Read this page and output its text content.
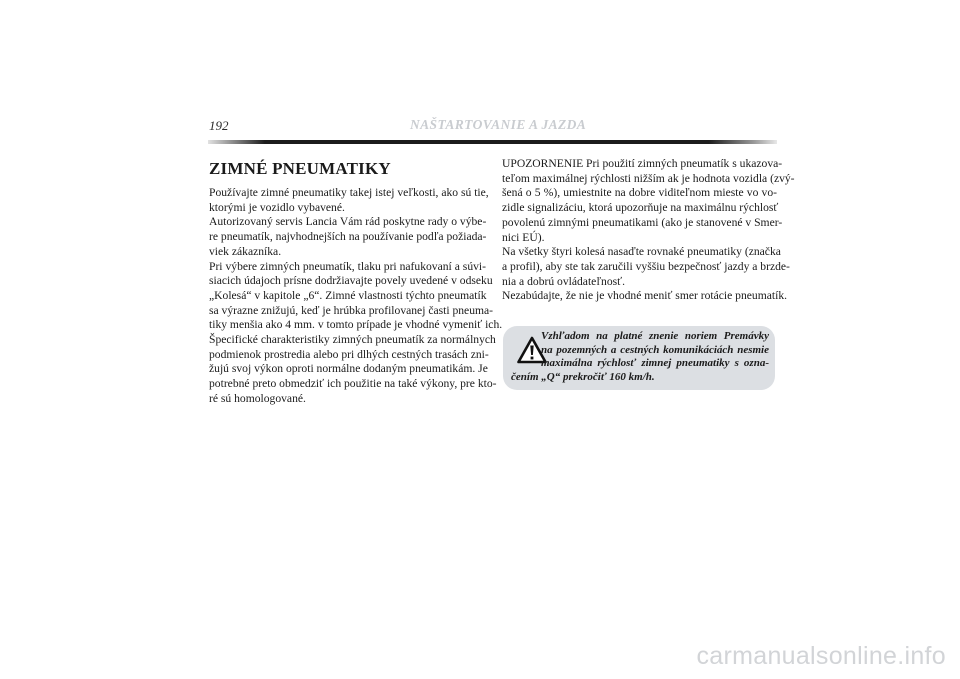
192	NAŠTARTOVANIE A JAZDA
ZIMNÉ PNEUMATIKY
Používajte zimné pneumatiky takej istej veľkosti, ako sú tie,
ktorými je vozidlo vybavené.
Autorizovaný servis Lancia Vám rád poskytne rady o výbe-
re pneumatík, najvhodnejších na používanie podľa požiada-
viek zákazníka.
Pri výbere zimných pneumatík, tlaku pri nafukovaní a súvi-
siacich údajoch prísne dodržiavajte povely uvedené v odseku
„Kolesá“ v kapitole „6“. Zimné vlastnosti týchto pneumatík
sa výrazne znižujú, keď je hrúbka profilovanej časti pneuma-
tiky menšia ako 4 mm. v tomto prípade je vhodné vymeniť ich.
Špecifické charakteristiky zimných pneumatík za normálnych
podmienok prostredia alebo pri dlhých cestných trasách zni-
žujú svoj výkon oproti normálne dodaným pneumatikám. Je
potrebné preto obmedziť ich použitie na také výkony, pre kto-
ré sú homologované.
UPOZORNENIE Pri použití zimných pneumatík s ukazova-
teľom maximálnej rýchlosti nižším ak je hodnota vozidla (zvý-
šená o 5 %), umiestnite na dobre viditeľnom mieste vo vo-
zidle signalizáciu, ktorá upozorňuje na maximálnu rýchlosť
povolenú zimnými pneumatikami (ako je stanovené v Smer-
nici EÚ).
Na všetky štyri kolesá nasaďte rovnaké pneumatiky (značka
a profil), aby ste tak zaručili vyššiu bezpečnosť jazdy a brzde-
nia a dobrú ovládateľnosť.
Nezabúdajte, že nie je vhodné meniť smer rotácie pneumatík.
Vzhľadom na platné znenie noriem Premávky
na pozemných a cestných komunikáciách nesmie
maximálna rýchlosť zimnej pneumatiky s ozna-
čením „Q“ prekročiť 160 km/h.
carmanualsonline.info
